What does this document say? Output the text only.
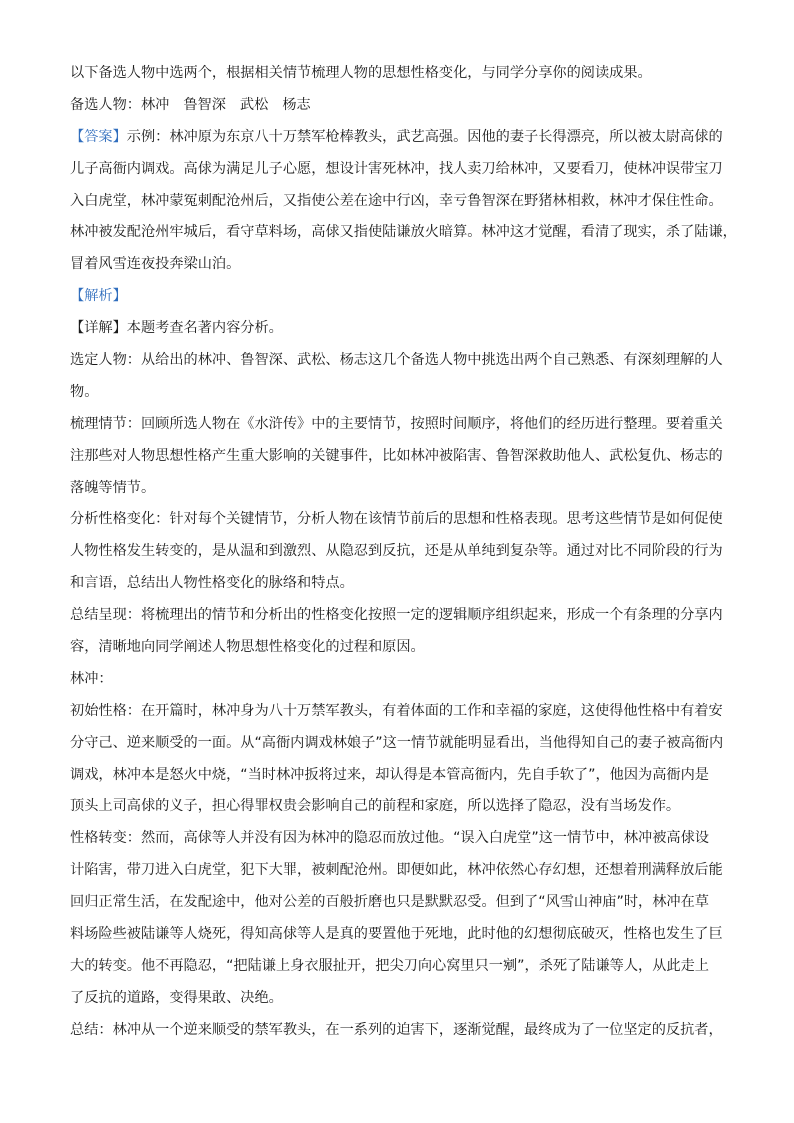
以下备选人物中选两个，根据相关情节梳理人物的思想性格变化，与同学分享你的阅读成果。

备选人物：林冲 鲁智深 武松 杨志

【答案】示例：林冲原为东京八十万禁军枪棒教头，武艺高强。因他的妻子长得漂亮，所以被太尉高俅的

儿子高衙内调戏。高俅为满足儿子心愿，想设计害死林冲，找人卖刀给林冲，又要看刀，使林冲误带宝刀

入白虎堂，林冲蒙冤刺配沧州后，又指使公差在途中行凶，幸亏鲁智深在野猪林相救，林冲才保住性命。

林冲被发配沧州牢城后，看守草料场，高俅又指使陆谦放火暗算。林冲这才觉醒，看清了现实，杀了陆谦，

冒着风雪连夜投奔梁山泊。

【解析】

【详解】本题考查名著内容分析。

选定人物：从给出的林冲、鲁智深、武松、杨志这几个备选人物中挑选出两个自己熟悉、有深刻理解的人

物。

梳理情节：回顾所选人物在《水浒传》中的主要情节，按照时间顺序，将他们的经历进行整理。要着重关

注那些对人物思想性格产生重大影响的关键事件，比如林冲被陷害、鲁智深救助他人、武松复仇、杨志的

落魄等情节。

分析性格变化：针对每个关键情节，分析人物在该情节前后的思想和性格表现。思考这些情节是如何促使

人物性格发生转变的，是从温和到激烈、从隐忍到反抗，还是从单纯到复杂等。通过对比不同阶段的行为

和言语，总结出人物性格变化的脉络和特点。

总结呈现：将梳理出的情节和分析出的性格变化按照一定的逻辑顺序组织起来，形成一个有条理的分享内

容，清晰地向同学阐述人物思想性格变化的过程和原因。

林冲：

初始性格：在开篇时，林冲身为八十万禁军教头，有着体面的工作和幸福的家庭，这使得他性格中有着安

分守己、逆来顺受的一面。从“高衙内调戏林娘子”这一情节就能明显看出，当他得知自己的妻子被高衙内

调戏，林冲本是怒火中烧，“当时林冲扳将过来，却认得是本管高衙内，先自手软了”，他因为高衙内是

顶头上司高俅的义子，担心得罪权贵会影响自己的前程和家庭，所以选择了隐忍，没有当场发作。

性格转变：然而，高俅等人并没有因为林冲的隐忍而放过他。“误入白虎堂”这一情节中，林冲被高俅设

计陷害，带刀进入白虎堂，犯下大罪，被刺配沧州。即便如此，林冲依然心存幻想，还想着刑满释放后能

回归正常生活，在发配途中，他对公差的百般折磨也只是默默忍受。但到了“风雪山神庙”时，林冲在草

料场险些被陆谦等人烧死，得知高俅等人是真的要置他于死地，此时他的幻想彻底破灭，性格也发生了巨

大的转变。他不再隐忍，“把陆谦上身衣服扯开，把尖刀向心窝里只一剜”，杀死了陆谦等人，从此走上

了反抗的道路，变得果敢、决绝。

总结：林冲从一个逆来顺受的禁军教头，在一系列的迫害下，逐渐觉醒，最终成为了一位坚定的反抗者，
